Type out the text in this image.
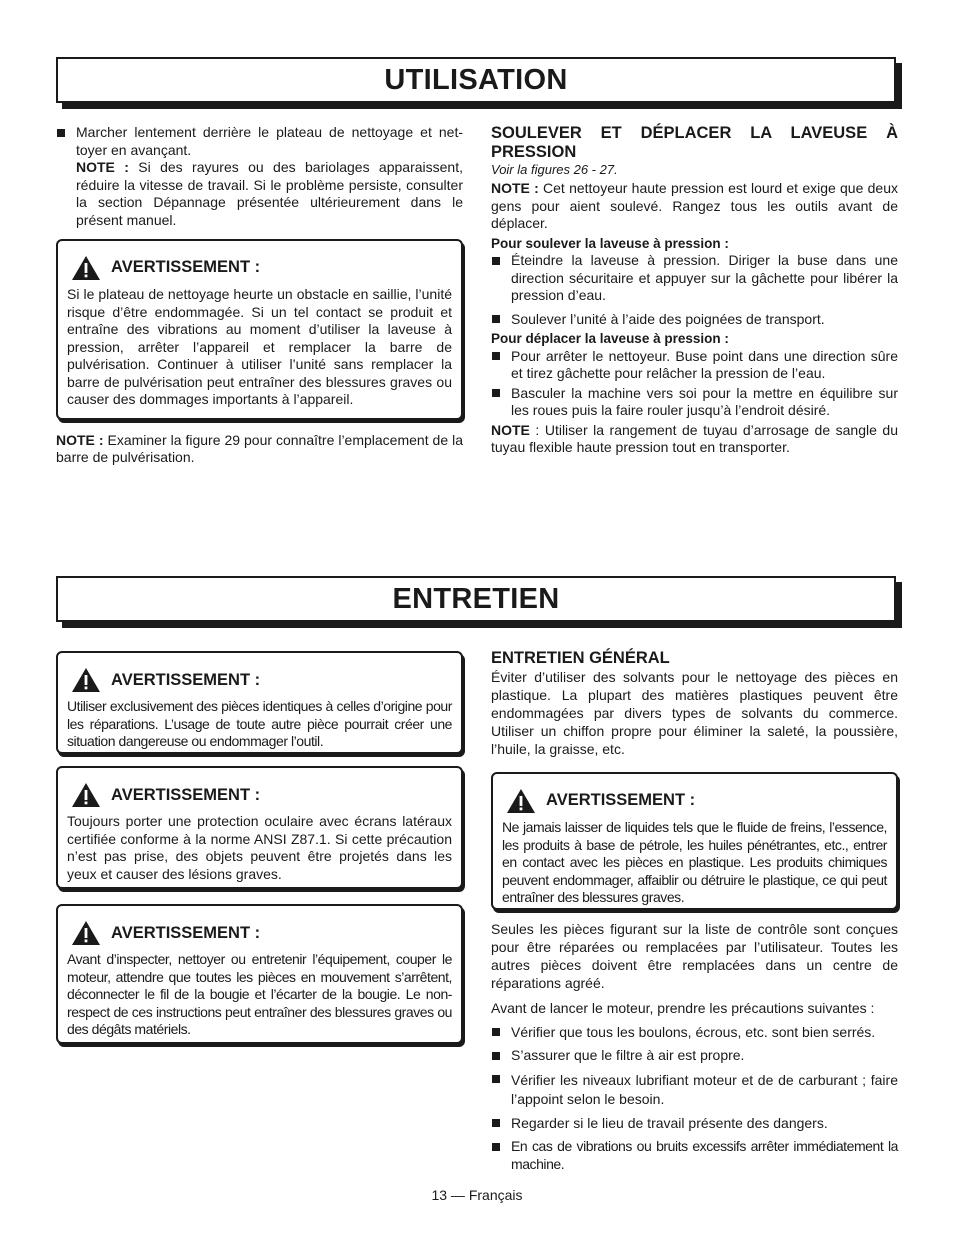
UTILISATION

Marcher lentement derrière le plateau de nettoyage et nettoyer en avançant.

NOTE : Si des rayures ou des bariolages apparaissent, réduire la vitesse de travail. Si le problème persiste, consulter la section Dépannage présentée ultérieurement dans le présent manuel.

AVERTISSEMENT :

Si le plateau de nettoyage heurte un obstacle en saillie, l’unité risque d’être endommagée. Si un tel contact se produit et entraîne des vibrations au moment d’utiliser la laveuse à pression, arrêter l’appareil et remplacer la barre de pulvérisation. Continuer à utiliser l’unité sans remplacer la barre de pulvérisation peut entraîner des blessures graves ou causer des dommages importants à l’appareil.

NOTE : Examiner la figure 29 pour connaître l’emplacement de la barre de pulvérisation.

SOULEVER ET DÉPLACER LA LAVEUSE À PRESSION

Voir la figures 26 - 27.

NOTE : Cet nettoyeur haute pression est lourd et exige que deux gens pour aient soulevé. Rangez tous les outils avant de déplacer.

Pour soulever la laveuse à pression :

Éteindre la laveuse à pression. Diriger la buse dans une direction sécuritaire et appuyer sur la gâchette pour libérer la pression d’eau.

Soulever l’unité à l’aide des poignées de transport.

Pour déplacer la laveuse à pression :

Pour arrêter le nettoyeur. Buse point dans une direction sûre et tirez gâchette pour relâcher la pression de l’eau.

Basculer la machine vers soi pour la mettre en équilibre sur les roues puis la faire rouler jusqu’à l’endroit désiré.

NOTE : Utiliser la rangement de tuyau d’arrosage de sangle du tuyau flexible haute pression tout en transporter.

ENTRETIEN
AVERTISSEMENT :

Utiliser exclusivement des pièces identiques à celles d’origine pour les réparations. L’usage de toute autre pièce pourrait créer une situation dangereuse ou endommager l’outil.

AVERTISSEMENT :

Toujours porter une protection oculaire avec écrans latéraux certifiée conforme à la norme ANSI Z87.1. Si cette précaution n’est pas prise, des objets peuvent être projetés dans les yeux et causer des lésions graves.

AVERTISSEMENT :

Avant d’inspecter, nettoyer ou entretenir l’équipement, couper le moteur, attendre que toutes les pièces en mouvement s’arrêtent, déconnecter le fil de la bougie et l’écarter de la bougie. Le non-respect de ces instructions peut entraîner des blessures graves ou des dégâts matériels.

ENTRETIEN GÉNÉRAL

Éviter d’utiliser des solvants pour le nettoyage des pièces en plastique. La plupart des matières plastiques peuvent être endommagées par divers types de solvants du commerce. Utiliser un chiffon propre pour éliminer la saleté, la poussière, l’huile, la graisse, etc.

AVERTISSEMENT :

Ne jamais laisser de liquides tels que le fluide de freins, l’essence, les produits à base de pétrole, les huiles pénétrantes, etc., entrer en contact avec les pièces en plastique. Les produits chimiques peuvent endommager, affaiblir ou détruire le plastique, ce qui peut entraîner des blessures graves.

Seules les pièces figurant sur la liste de contrôle sont conçues pour être réparées ou remplacées par l’utilisateur. Toutes les autres pièces doivent être remplacées dans un centre de réparations agréé.

Avant de lancer le moteur, prendre les précautions suivantes :

Vérifier que tous les boulons, écrous, etc. sont bien serrés.

S’assurer que le filtre à air est propre.

Vérifier les niveaux lubrifiant moteur et de de carburant ; faire l’appoint selon le besoin.

Regarder si le lieu de travail présente des dangers.

En cas de vibrations ou bruits excessifs arrêter immédiatement la machine.

13 — Français
